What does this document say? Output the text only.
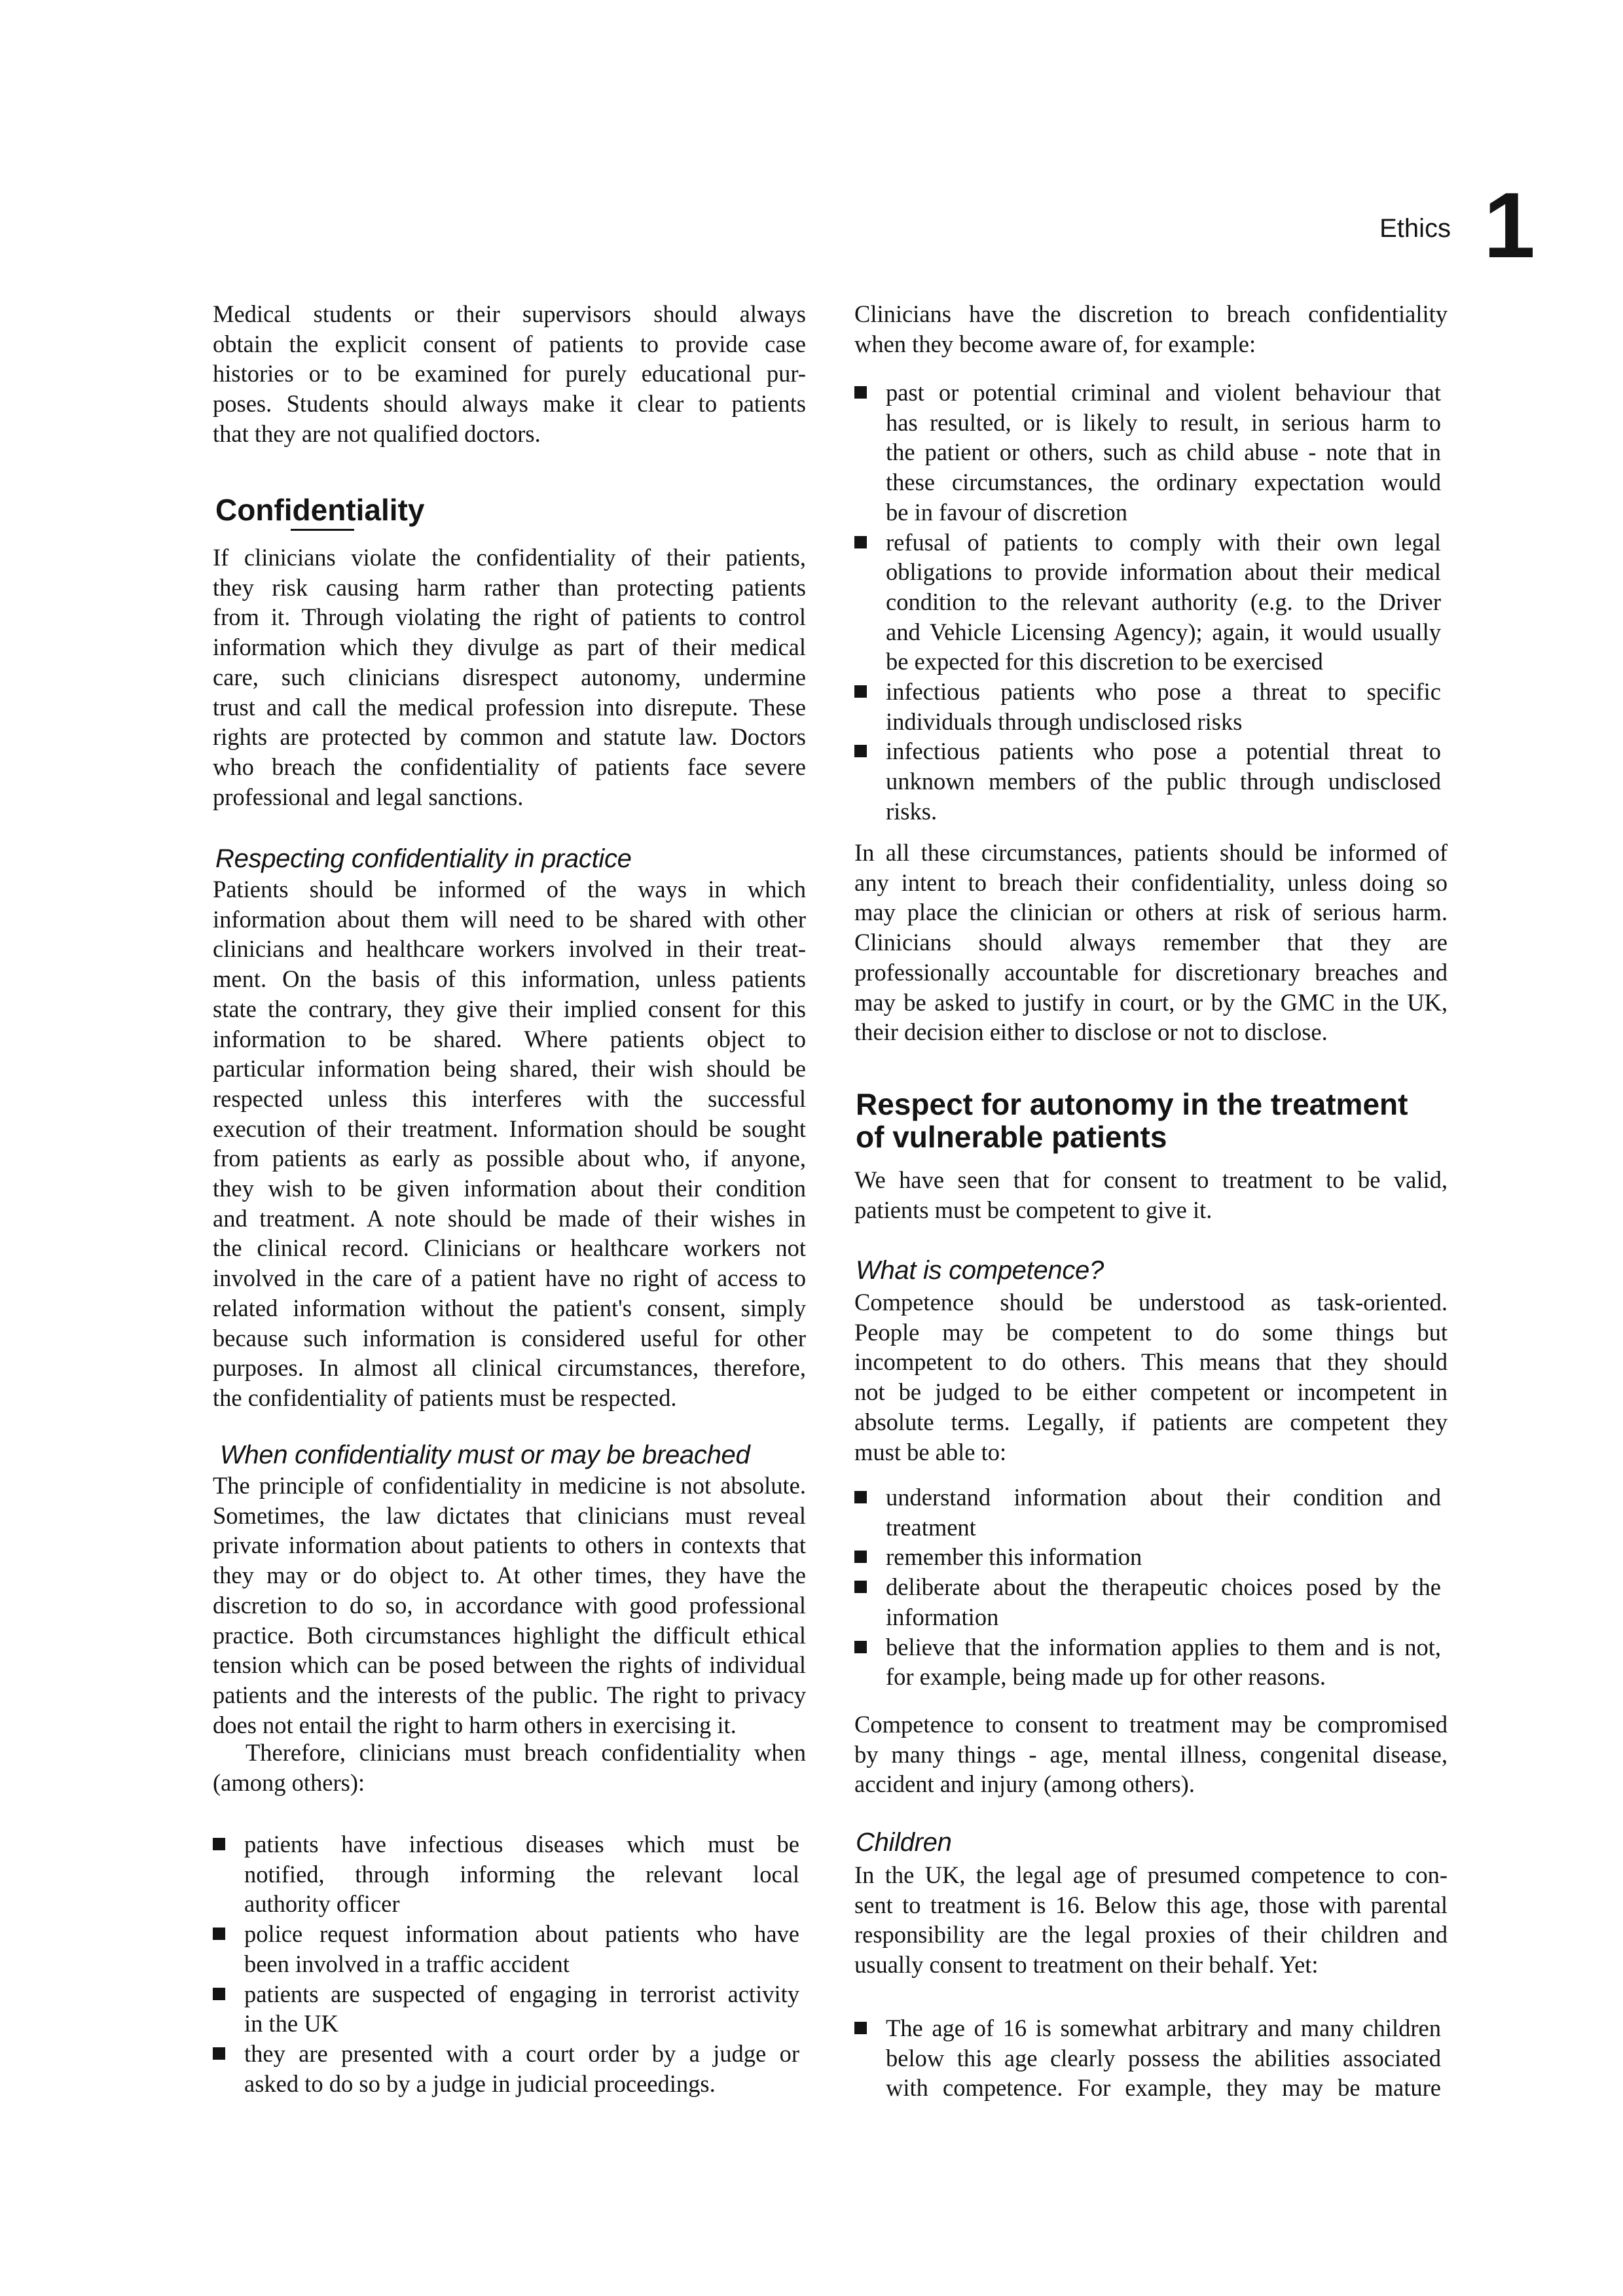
Ethics 1
Medical students or their supervisors should always
obtain the explicit consent of patients to provide case
histories or to be examined for purely educational pur-
poses. Students should always make it clear to patients
that they are not qualified doctors.
Confidentiality
If clinicians violate the confidentiality of their patients,
they risk causing harm rather than protecting patients
from it. Through violating the right of patients to control
information which they divulge as part of their medical
care, such clinicians disrespect autonomy, undermine
trust and call the medical profession into disrepute. These
rights are protected by common and statute law. Doctors
who breach the confidentiality of patients face severe
professional and legal sanctions.
Respecting confidentiality in practice
Patients should be informed of the ways in which
information about them will need to be shared with other
clinicians and healthcare workers involved in their treat-
ment. On the basis of this information, unless patients
state the contrary, they give their implied consent for this
information to be shared. Where patients object to
particular information being shared, their wish should be
respected unless this interferes with the successful
execution of their treatment. Information should be sought
from patients as early as possible about who, if anyone,
they wish to be given information about their condition
and treatment. A note should be made of their wishes in
the clinical record. Clinicians or healthcare workers not
involved in the care of a patient have no right of access to
related information without the patient's consent, simply
because such information is considered useful for other
purposes. In almost all clinical circumstances, therefore,
the confidentiality of patients must be respected.
When confidentiality must or may be breached
The principle of confidentiality in medicine is not absolute.
Sometimes, the law dictates that clinicians must reveal
private information about patients to others in contexts that
they may or do object to. At other times, they have the
discretion to do so, in accordance with good professional
practice. Both circumstances highlight the difficult ethical
tension which can be posed between the rights of individual
patients and the interests of the public. The right to privacy
does not entail the right to harm others in exercising it.
Therefore, clinicians must breach confidentiality when
(among others):
patients have infectious diseases which must be
notified, through informing the relevant local
authority officer
police request information about patients who have
been involved in a traffic accident
patients are suspected of engaging in terrorist activity
in the UK
they are presented with a court order by a judge or
asked to do so by a judge in judicial proceedings.
Clinicians have the discretion to breach confidentiality
when they become aware of, for example:
past or potential criminal and violent behaviour that
has resulted, or is likely to result, in serious harm to
the patient or others, such as child abuse - note that in
these circumstances, the ordinary expectation would
be in favour of discretion
refusal of patients to comply with their own legal
obligations to provide information about their medical
condition to the relevant authority (e.g. to the Driver
and Vehicle Licensing Agency); again, it would usually
be expected for this discretion to be exercised
infectious patients who pose a threat to specific
individuals through undisclosed risks
infectious patients who pose a potential threat to
unknown members of the public through undisclosed
risks.
In all these circumstances, patients should be informed of
any intent to breach their confidentiality, unless doing so
may place the clinician or others at risk of serious harm.
Clinicians should always remember that they are
professionally accountable for discretionary breaches and
may be asked to justify in court, or by the GMC in the UK,
their decision either to disclose or not to disclose.
Respect for autonomy in the treatment
of vulnerable patients
We have seen that for consent to treatment to be valid,
patients must be competent to give it.
What is competence?
Competence should be understood as task-oriented.
People may be competent to do some things but
incompetent to do others. This means that they should
not be judged to be either competent or incompetent in
absolute terms. Legally, if patients are competent they
must be able to:
understand information about their condition and
treatment
remember this information
deliberate about the therapeutic choices posed by the
information
believe that the information applies to them and is not,
for example, being made up for other reasons.
Competence to consent to treatment may be compromised
by many things - age, mental illness, congenital disease,
accident and injury (among others).
Children
In the UK, the legal age of presumed competence to con-
sent to treatment is 16. Below this age, those with parental
responsibility are the legal proxies of their children and
usually consent to treatment on their behalf. Yet:
The age of 16 is somewhat arbitrary and many children
below this age clearly possess the abilities associated
with competence. For example, they may be mature
